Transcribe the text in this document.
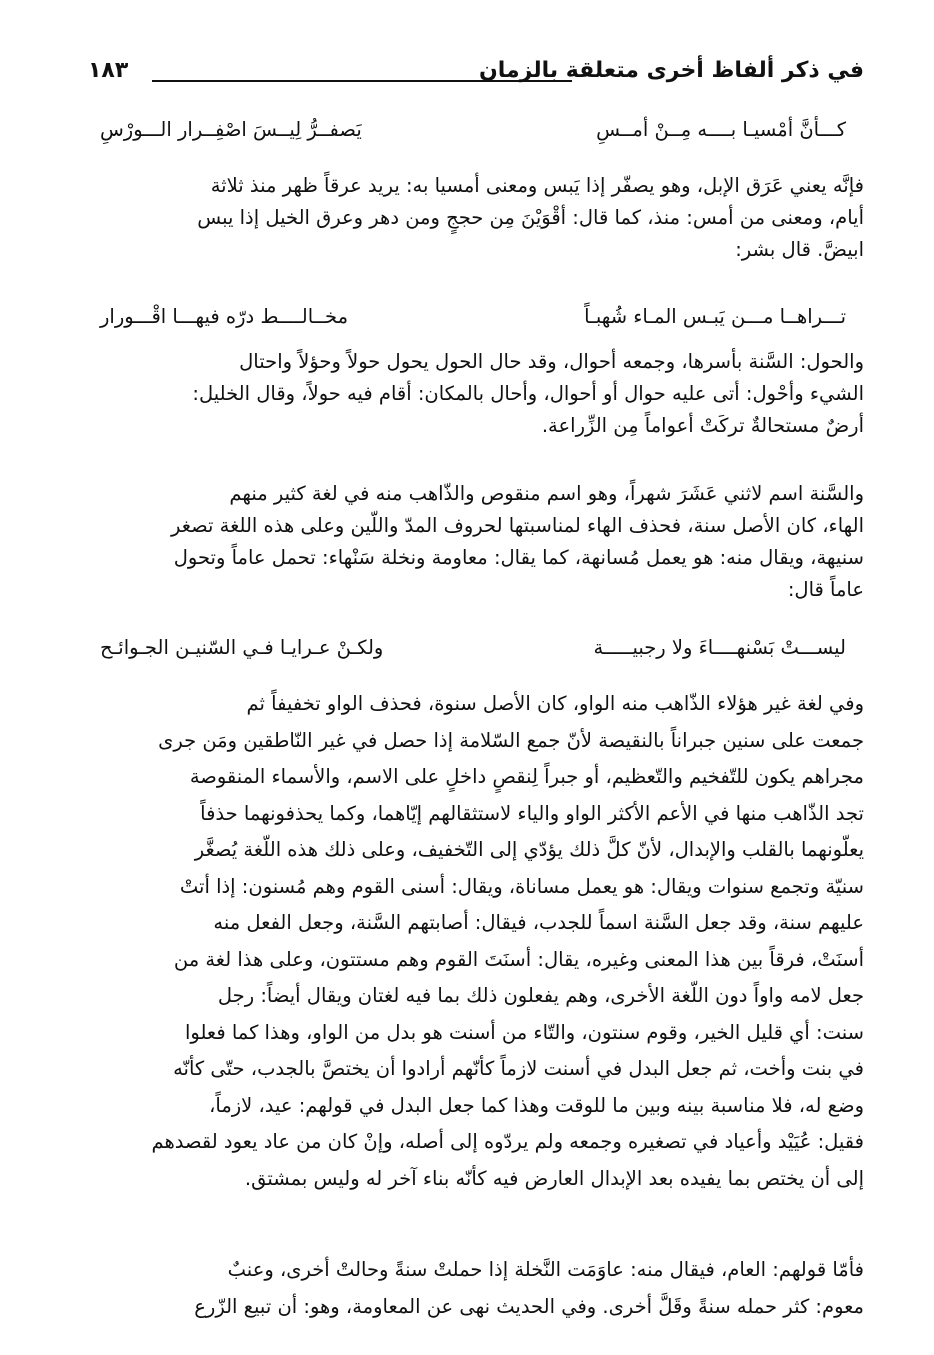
في ذكر ألفاظ أخرى متعلقة بالزمان
١٨٣
كـــأنَّ أمْسيـا بــــه مِــنْ أمــسِ
يَصفــرُّ لِيــسَ اصْفِــرار الـــورْسِ
فإنَّه يعني عَرَق الإبل، وهو يصفّر إذا يَبس ومعنى أمسيا به: يريد عرقاً ظهر منذ ثلاثة
أيام، ومعنى من أمس: منذ، كما قال: أقْوَيْنَ مِن حججٍ ومن دهر وعرق الخيل إذا يبس
ابيضَّ. قال بشر:
تـــراهــا مـــن يَبـس المـاء شُهبـاً
مخــالــــط درّه فيهـــا اقْـــورار
والحول: السَّنة بأسرها، وجمعه أحوال، وقد حال الحول يحول حولاً وحؤلاً واحتال
الشيء وأحْول: أتى عليه حوال أو أحوال، وأحال بالمكان: أقام فيه حولاً، وقال الخليل:
أرضٌ مستحالةٌ تركَتْ أعواماً مِن الزِّراعة.
والسَّنة اسم لاثني عَشَرَ شهراً، وهو اسم منقوص والذّاهب منه في لغة كثير منهم
الهاء، كان الأصل سنة، فحذف الهاء لمناسبتها لحروف المدّ واللّين وعلى هذه اللغة تصغر
سنيهة، ويقال منه: هو يعمل مُسانهة، كما يقال: معاومة ونخلة سَنْهاء: تحمل عاماً وتحول
عاماً قال:
ليســـتْ بَسْنهــــاءَ ولا رجبيـــــة
ولكـنْ عـرايـا فـي السّنيـن الجـوائـح
وفي لغة غير هؤلاء الذّاهب منه الواو، كان الأصل سنوة، فحذف الواو تخفيفاً ثم
جمعت على سنين جبراناً بالنقيصة لأنّ جمع السّلامة إذا حصل في غير النّاطقين ومَن جرى
مجراهم يكون للتّفخيم والتّعظيم، أو جبراً لِنقصٍ داخلٍ على الاسم، والأسماء المنقوصة
تجد الذّاهب منها في الأعم الأكثر الواو والياء لاستثقالهم إيّاهما، وكما يحذفونهما حذفاً
يعلّونهما بالقلب والإبدال، لأنّ كلَّ ذلك يؤدّي إلى التّخفيف، وعلى ذلك هذه اللّغة يُصغَّر
سنيّة وتجمع سنوات ويقال: هو يعمل مساناة، ويقال: أسنى القوم وهم مُسنون: إذا أتتْ
عليهم سنة، وقد جعل السَّنة اسماً للجدب، فيقال: أصابتهم السَّنة، وجعل الفعل منه
أسنَتْ، فرقاً بين هذا المعنى وغيره، يقال: أسنَتَ القوم وهم مستتون، وعلى هذا لغة من
جعل لامه واواً دون اللّغة الأخرى، وهم يفعلون ذلك بما فيه لغتان ويقال أيضاً: رجل
سنت: أي قليل الخير، وقوم سنتون، والتّاء من أسنت هو بدل من الواو، وهذا كما فعلوا
في بنت وأخت، ثم جعل البدل في أسنت لازماً كأنّهم أرادوا أن يختصَّ بالجدب، حتّى كأنّه
وضع له، فلا مناسبة بينه وبين ما للوقت وهذا كما جعل البدل في قولهم: عيد، لازماً،
فقيل: عُيَيْد وأعياد في تصغيره وجمعه ولم يردّوه إلى أصله، وإنْ كان من عاد يعود لقصدهم
إلى أن يختص بما يفيده بعد الإبدال العارض فيه كأنّه بناء آخر له وليس بمشتق.
فأمّا قولهم: العام، فيقال منه: عاوَمَت النَّخلة إذا حملتْ سنةً وحالتْ أخرى، وعنبٌ
معوم: كثر حمله سنةً وقَلَّ أخرى. وفي الحديث نهى عن المعاومة، وهو: أن تبيع الزّرع
